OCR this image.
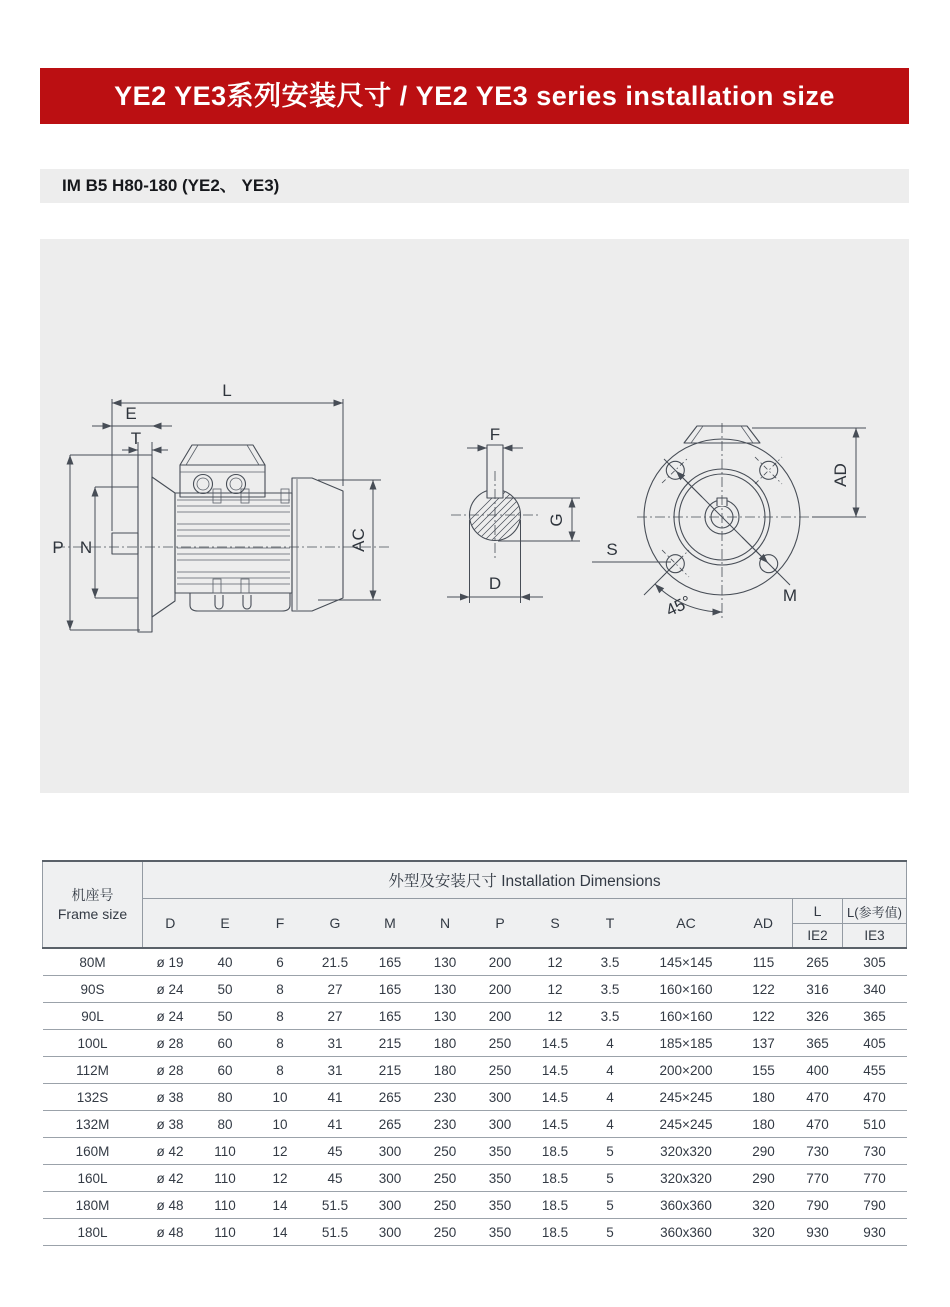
YE2 YE3系列安装尺寸 / YE2 YE3 series installation size
IM B5 H80-180 (YE2、 YE3)
L
E
T
P N	AC
F
G
D
M
S
45°
AD
机座号
Frame size	外型及安装尺寸 Installation Dimensions												
	D	E	F	G	M	N	P	S	T	AC	AD	L	L(参考值)
												IE2	IE3
80M	ø 19	40	6	21.5	165	130	200	12	3.5	145×145	115	265	305
90S	ø 24	50	8	27	165	130	200	12	3.5	160×160	122	316	340
90L	ø 24	50	8	27	165	130	200	12	3.5	160×160	122	326	365
100L	ø 28	60	8	31	215	180	250	14.5	4	185×185	137	365	405
112M	ø 28	60	8	31	215	180	250	14.5	4	200×200	155	400	455
132S	ø 38	80	10	41	265	230	300	14.5	4	245×245	180	470	470
132M	ø 38	80	10	41	265	230	300	14.5	4	245×245	180	470	510
160M	ø 42	110	12	45	300	250	350	18.5	5	320x320	290	730	730
160L	ø 42	110	12	45	300	250	350	18.5	5	320x320	290	770	770
180M	ø 48	110	14	51.5	300	250	350	18.5	5	360x360	320	790	790
180L	ø 48	110	14	51.5	300	250	350	18.5	5	360x360	320	930	930
